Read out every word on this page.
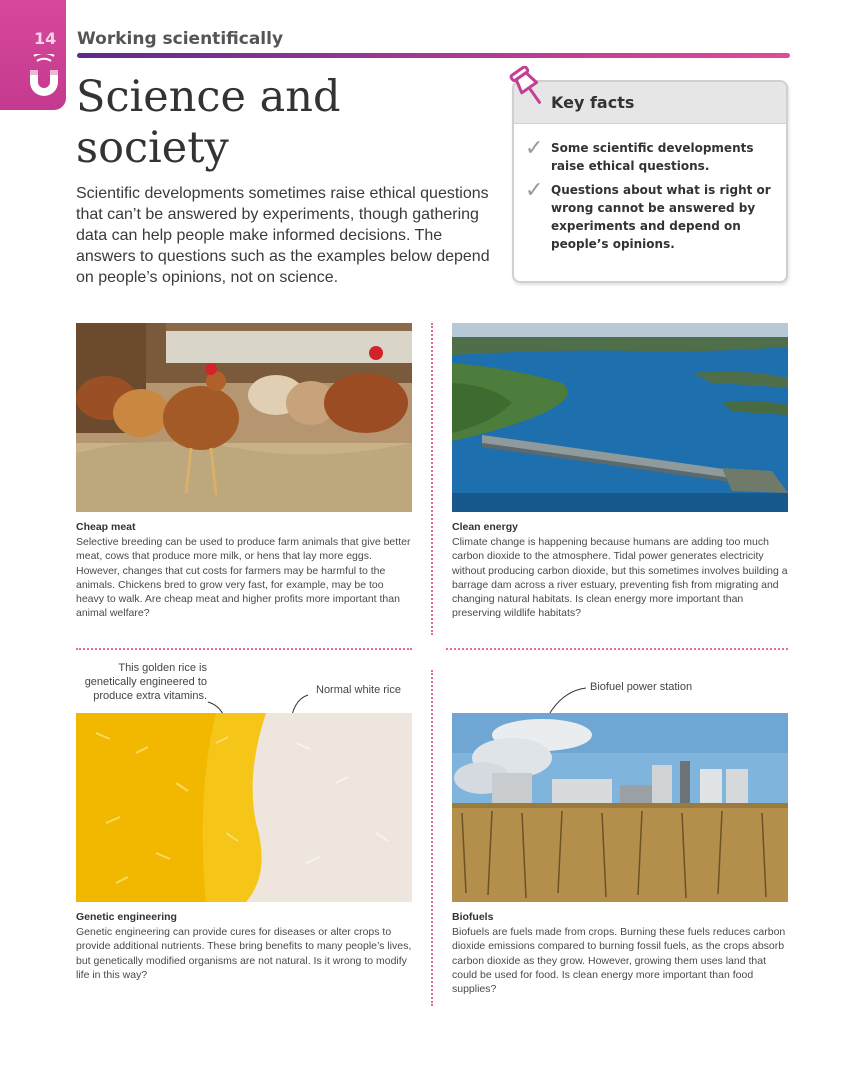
14 Working scientifically
Science and society

Scientific developments sometimes raise ethical questions that can’t be answered by experiments, though gathering data can help people make informed decisions. The answers to questions such as the examples below depend on people’s opinions, not on science.

Key facts
✓ Some scientific developments raise ethical questions.
✓ Questions about what is right or wrong cannot be answered by experiments and depend on people’s opinions.
Cheap meat

Selective breeding can be used to produce farm animals that give better meat, cows that produce more milk, or hens that lay more eggs. However, changes that cut costs for farmers may be harmful to the animals. Chickens bred to grow very fast, for example, may be too heavy to walk. Are cheap meat and higher profits more important than animal welfare?

Clean energy

Climate change is happening because humans are adding too much carbon dioxide to the atmosphere. Tidal power generates electricity without producing carbon dioxide, but this sometimes involves building a barrage dam across a river estuary, preventing fish from migrating and changing natural habitats. Is clean energy more important than preserving wildlife habitats?

This golden rice is genetically engineered to produce extra vitamins.	Normal white rice
Genetic engineering

Genetic engineering can provide cures for diseases or alter crops to provide additional nutrients. These bring benefits to many people’s lives, but genetically modified organisms are not natural. Is it wrong to modify life in this way?

Biofuel power station
Biofuels

Biofuels are fuels made from crops. Burning these fuels reduces carbon dioxide emissions compared to burning fossil fuels, as the crops absorb carbon dioxide as they grow. However, growing them uses land that could be used for food. Is clean energy more important than food supplies?
